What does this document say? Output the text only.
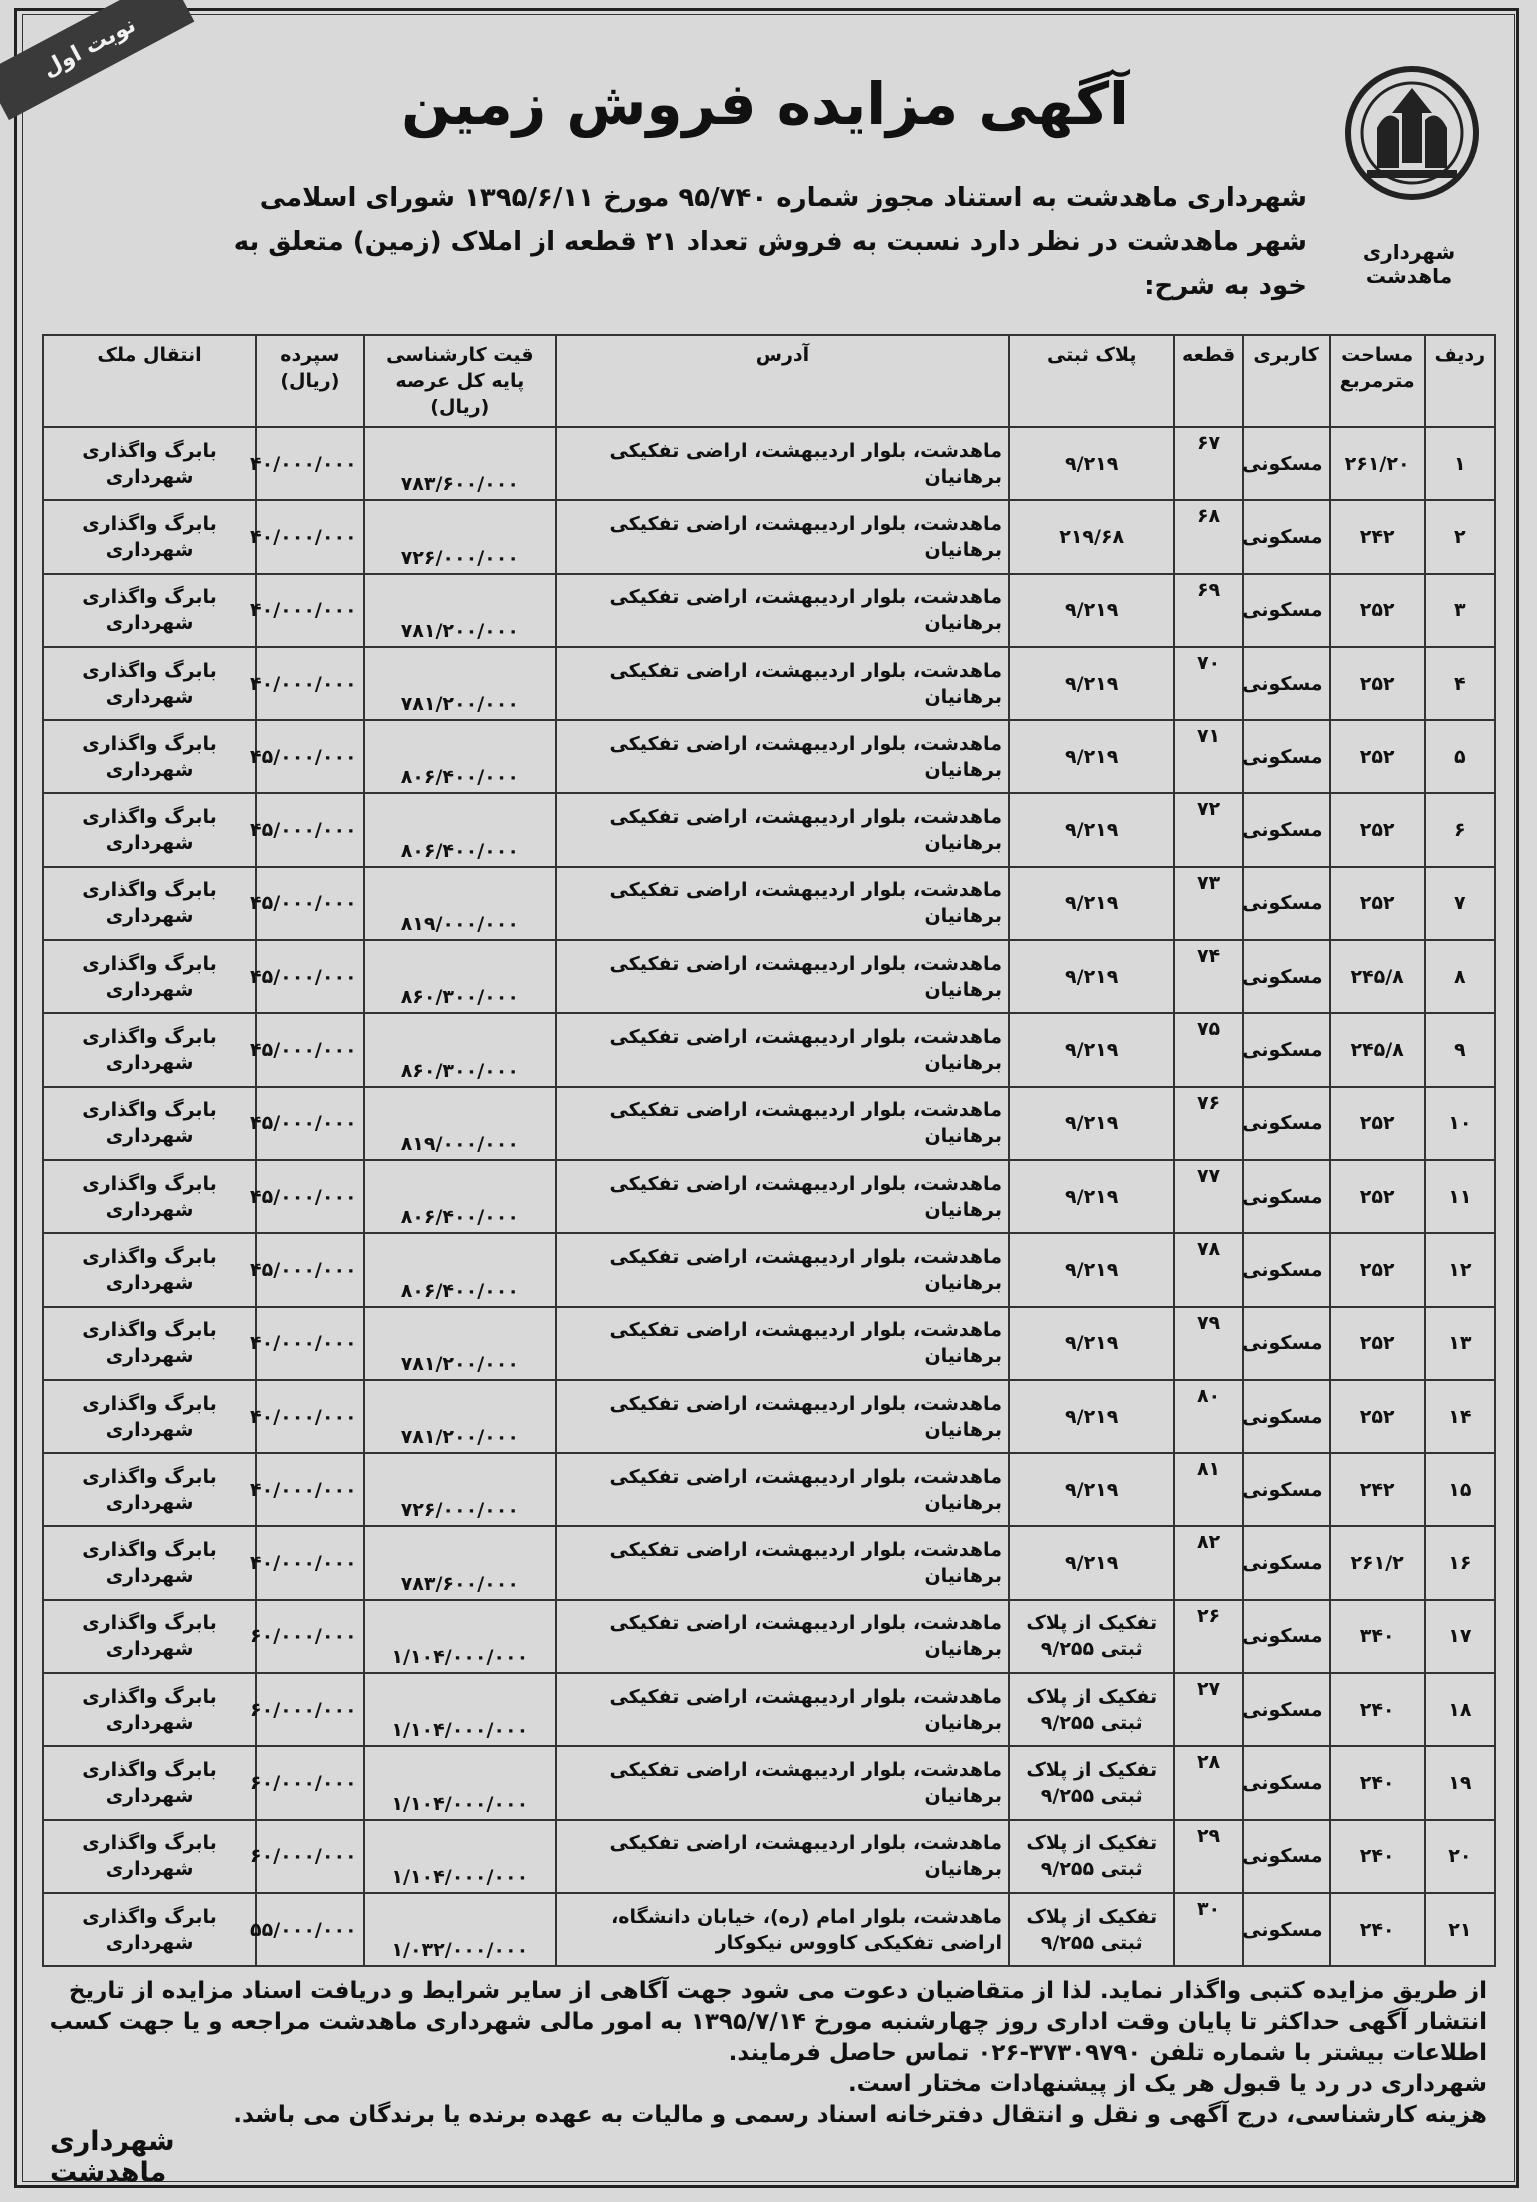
نوبت اول
شهرداری ماهدشت
آگهی مزایده فروش زمین
شهرداری ماهدشت به استناد مجوز شماره ۹۵/۷۴۰ مورخ ۱۳۹۵/۶/۱۱ شورای اسلامی شهر ماهدشت در نظر دارد نسبت به فروش تعداد ۲۱ قطعه از املاک (زمین) متعلق به خود به شرح:
ردیف	مساحت مترمربع	کاربری	قطعه	پلاک ثبتی	آدرس	قیت کارشناسی پایه کل عرصه (ریال)	سپرده (ریال)	انتقال ملک
۱	۲۶۱/۲۰	مسکونی	۶۷	۹/۲۱۹	ماهدشت، بلوار اردیبهشت، اراضی تفکیکی برهانیان	۷۸۳/۶۰۰/۰۰۰	۴۰/۰۰۰/۰۰۰	بابرگ واگذاری شهرداری
۲	۲۴۲	مسکونی	۶۸	۲۱۹/۶۸	ماهدشت، بلوار اردیبهشت، اراضی تفکیکی برهانیان	۷۲۶/۰۰۰/۰۰۰	۴۰/۰۰۰/۰۰۰	بابرگ واگذاری شهرداری
۳	۲۵۲	مسکونی	۶۹	۹/۲۱۹	ماهدشت، بلوار اردیبهشت، اراضی تفکیکی برهانیان	۷۸۱/۲۰۰/۰۰۰	۴۰/۰۰۰/۰۰۰	بابرگ واگذاری شهرداری
۴	۲۵۲	مسکونی	۷۰	۹/۲۱۹	ماهدشت، بلوار اردیبهشت، اراضی تفکیکی برهانیان	۷۸۱/۲۰۰/۰۰۰	۴۰/۰۰۰/۰۰۰	بابرگ واگذاری شهرداری
۵	۲۵۲	مسکونی	۷۱	۹/۲۱۹	ماهدشت، بلوار اردیبهشت، اراضی تفکیکی برهانیان	۸۰۶/۴۰۰/۰۰۰	۴۵/۰۰۰/۰۰۰	بابرگ واگذاری شهرداری
۶	۲۵۲	مسکونی	۷۲	۹/۲۱۹	ماهدشت، بلوار اردیبهشت، اراضی تفکیکی برهانیان	۸۰۶/۴۰۰/۰۰۰	۴۵/۰۰۰/۰۰۰	بابرگ واگذاری شهرداری
۷	۲۵۲	مسکونی	۷۳	۹/۲۱۹	ماهدشت، بلوار اردیبهشت، اراضی تفکیکی برهانیان	۸۱۹/۰۰۰/۰۰۰	۴۵/۰۰۰/۰۰۰	بابرگ واگذاری شهرداری
۸	۲۴۵/۸	مسکونی	۷۴	۹/۲۱۹	ماهدشت، بلوار اردیبهشت، اراضی تفکیکی برهانیان	۸۶۰/۳۰۰/۰۰۰	۴۵/۰۰۰/۰۰۰	بابرگ واگذاری شهرداری
۹	۲۴۵/۸	مسکونی	۷۵	۹/۲۱۹	ماهدشت، بلوار اردیبهشت، اراضی تفکیکی برهانیان	۸۶۰/۳۰۰/۰۰۰	۴۵/۰۰۰/۰۰۰	بابرگ واگذاری شهرداری
۱۰	۲۵۲	مسکونی	۷۶	۹/۲۱۹	ماهدشت، بلوار اردیبهشت، اراضی تفکیکی برهانیان	۸۱۹/۰۰۰/۰۰۰	۴۵/۰۰۰/۰۰۰	بابرگ واگذاری شهرداری
۱۱	۲۵۲	مسکونی	۷۷	۹/۲۱۹	ماهدشت، بلوار اردیبهشت، اراضی تفکیکی برهانیان	۸۰۶/۴۰۰/۰۰۰	۴۵/۰۰۰/۰۰۰	بابرگ واگذاری شهرداری
۱۲	۲۵۲	مسکونی	۷۸	۹/۲۱۹	ماهدشت، بلوار اردیبهشت، اراضی تفکیکی برهانیان	۸۰۶/۴۰۰/۰۰۰	۴۵/۰۰۰/۰۰۰	بابرگ واگذاری شهرداری
۱۳	۲۵۲	مسکونی	۷۹	۹/۲۱۹	ماهدشت، بلوار اردیبهشت، اراضی تفکیکی برهانیان	۷۸۱/۲۰۰/۰۰۰	۴۰/۰۰۰/۰۰۰	بابرگ واگذاری شهرداری
۱۴	۲۵۲	مسکونی	۸۰	۹/۲۱۹	ماهدشت، بلوار اردیبهشت، اراضی تفکیکی برهانیان	۷۸۱/۲۰۰/۰۰۰	۴۰/۰۰۰/۰۰۰	بابرگ واگذاری شهرداری
۱۵	۲۴۲	مسکونی	۸۱	۹/۲۱۹	ماهدشت، بلوار اردیبهشت، اراضی تفکیکی برهانیان	۷۲۶/۰۰۰/۰۰۰	۴۰/۰۰۰/۰۰۰	بابرگ واگذاری شهرداری
۱۶	۲۶۱/۲	مسکونی	۸۲	۹/۲۱۹	ماهدشت، بلوار اردیبهشت، اراضی تفکیکی برهانیان	۷۸۳/۶۰۰/۰۰۰	۴۰/۰۰۰/۰۰۰	بابرگ واگذاری شهرداری
۱۷	۳۴۰	مسکونی	۲۶	تفکیک از پلاک ثبتی ۹/۲۵۵	ماهدشت، بلوار اردیبهشت، اراضی تفکیکی برهانیان	۱/۱۰۴/۰۰۰/۰۰۰	۶۰/۰۰۰/۰۰۰	بابرگ واگذاری شهرداری
۱۸	۲۴۰	مسکونی	۲۷	تفکیک از پلاک ثبتی ۹/۲۵۵	ماهدشت، بلوار اردیبهشت، اراضی تفکیکی برهانیان	۱/۱۰۴/۰۰۰/۰۰۰	۶۰/۰۰۰/۰۰۰	بابرگ واگذاری شهرداری
۱۹	۲۴۰	مسکونی	۲۸	تفکیک از پلاک ثبتی ۹/۲۵۵	ماهدشت، بلوار اردیبهشت، اراضی تفکیکی برهانیان	۱/۱۰۴/۰۰۰/۰۰۰	۶۰/۰۰۰/۰۰۰	بابرگ واگذاری شهرداری
۲۰	۲۴۰	مسکونی	۲۹	تفکیک از پلاک ثبتی ۹/۲۵۵	ماهدشت، بلوار اردیبهشت، اراضی تفکیکی برهانیان	۱/۱۰۴/۰۰۰/۰۰۰	۶۰/۰۰۰/۰۰۰	بابرگ واگذاری شهرداری
۲۱	۲۴۰	مسکونی	۳۰	تفکیک از پلاک ثبتی ۹/۲۵۵	ماهدشت، بلوار امام (ره)، خیابان دانشگاه، اراضی تفکیکی کاووس نیکوکار	۱/۰۳۲/۰۰۰/۰۰۰	۵۵/۰۰۰/۰۰۰	بابرگ واگذاری شهرداری
از طریق مزایده کتبی واگذار نماید. لذا از متقاضیان دعوت می شود جهت آگاهی از سایر شرایط و دریافت اسناد مزایده از تاریخ انتشار آگهی حداکثر تا پایان وقت اداری روز چهارشنبه مورخ ۱۳۹۵/۷/۱۴ به امور مالی شهرداری ماهدشت مراجعه و یا جهت کسب اطلاعات بیشتر با شماره تلفن ۳۷۳۰۹۷۹۰-۰۲۶ تماس حاصل فرمایند.
شهرداری در رد یا قبول هر یک از پیشنهادات مختار است.
هزینه کارشناسی، درج آگهی و نقل و انتقال دفترخانه اسناد رسمی و مالیات به عهده برنده یا برندگان می باشد.
شهرداری ماهدشت
